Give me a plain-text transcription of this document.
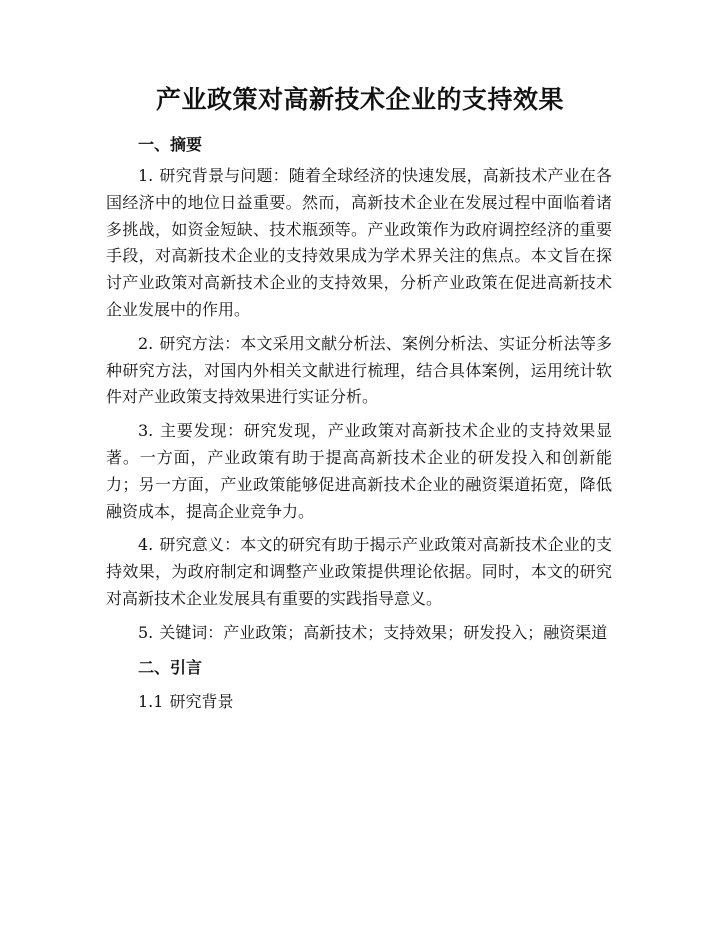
产业政策对高新技术企业的支持效果
一、摘要

1. 研究背景与问题：随着全球经济的快速发展，高新技术产业在各国经济中的地位日益重要。然而，高新技术企业在发展过程中面临着诸多挑战，如资金短缺、技术瓶颈等。产业政策作为政府调控经济的重要手段，对高新技术企业的支持效果成为学术界关注的焦点。本文旨在探讨产业政策对高新技术企业的支持效果，分析产业政策在促进高新技术企业发展中的作用。

2. 研究方法：本文采用文献分析法、案例分析法、实证分析法等多种研究方法，对国内外相关文献进行梳理，结合具体案例，运用统计软件对产业政策支持效果进行实证分析。

3. 主要发现：研究发现，产业政策对高新技术企业的支持效果显著。一方面，产业政策有助于提高高新技术企业的研发投入和创新能力；另一方面，产业政策能够促进高新技术企业的融资渠道拓宽，降低融资成本，提高企业竞争力。

4. 研究意义：本文的研究有助于揭示产业政策对高新技术企业的支持效果，为政府制定和调整产业政策提供理论依据。同时，本文的研究对高新技术企业发展具有重要的实践指导意义。

5. 关键词：产业政策；高新技术；支持效果；研发投入；融资渠道

二、引言

1.1 研究背景
